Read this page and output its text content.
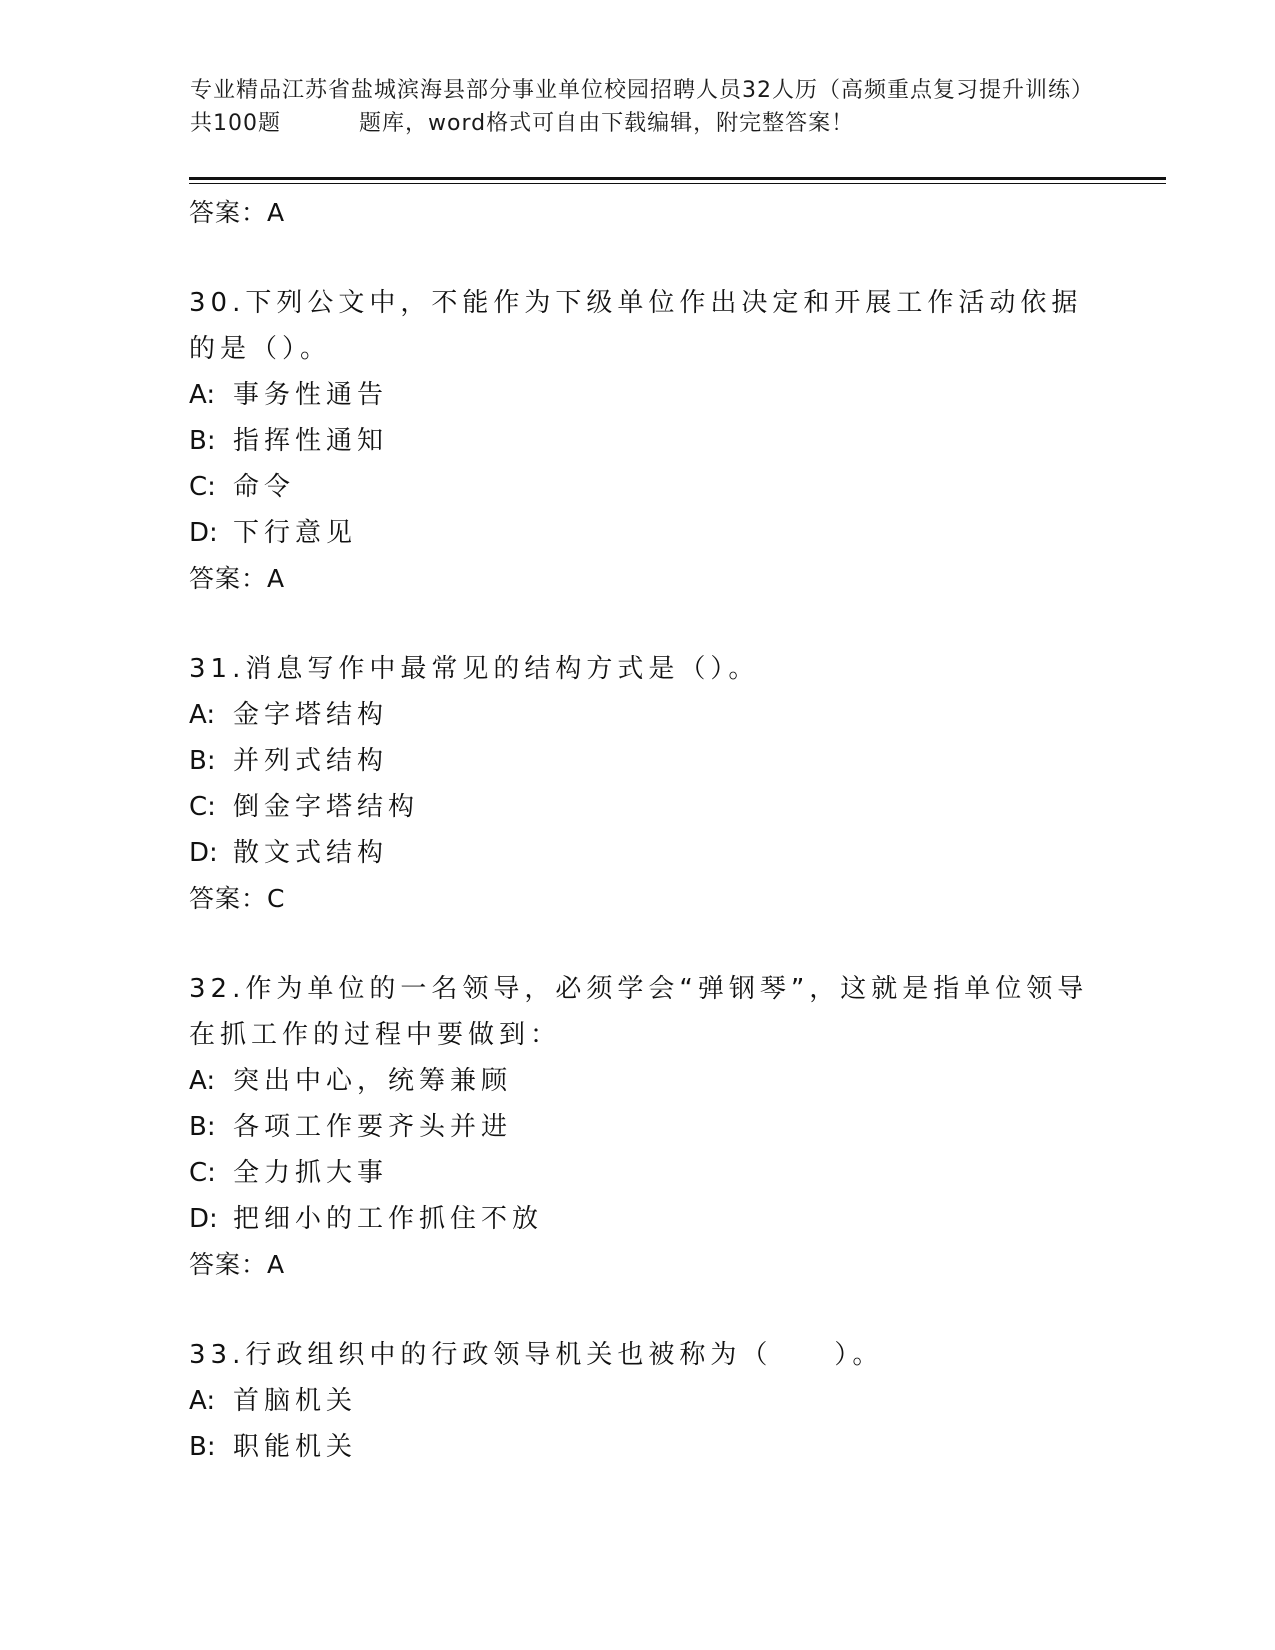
专业精品江苏省盐城滨海县部分事业单位校园招聘人员32人历（高频重点复习提升训练）共100题	题库，word格式可自由下载编辑，附完整答案！
答案：A
30.下列公文中，不能作为下级单位作出决定和开展工作活动依据的是（）。
A: 事务性通告
B: 指挥性通知
C: 命令
D: 下行意见
答案：A
31.消息写作中最常见的结构方式是（）。
A: 金字塔结构
B: 并列式结构
C: 倒金字塔结构
D: 散文式结构
答案：C
32.作为单位的一名领导，必须学会“弹钢琴”，这就是指单位领导在抓工作的过程中要做到：
A: 突出中心，统筹兼顾
B: 各项工作要齐头并进
C: 全力抓大事
D: 把细小的工作抓住不放
答案：A
33.行政组织中的行政领导机关也被称为（　　）。
A: 首脑机关
B: 职能机关
